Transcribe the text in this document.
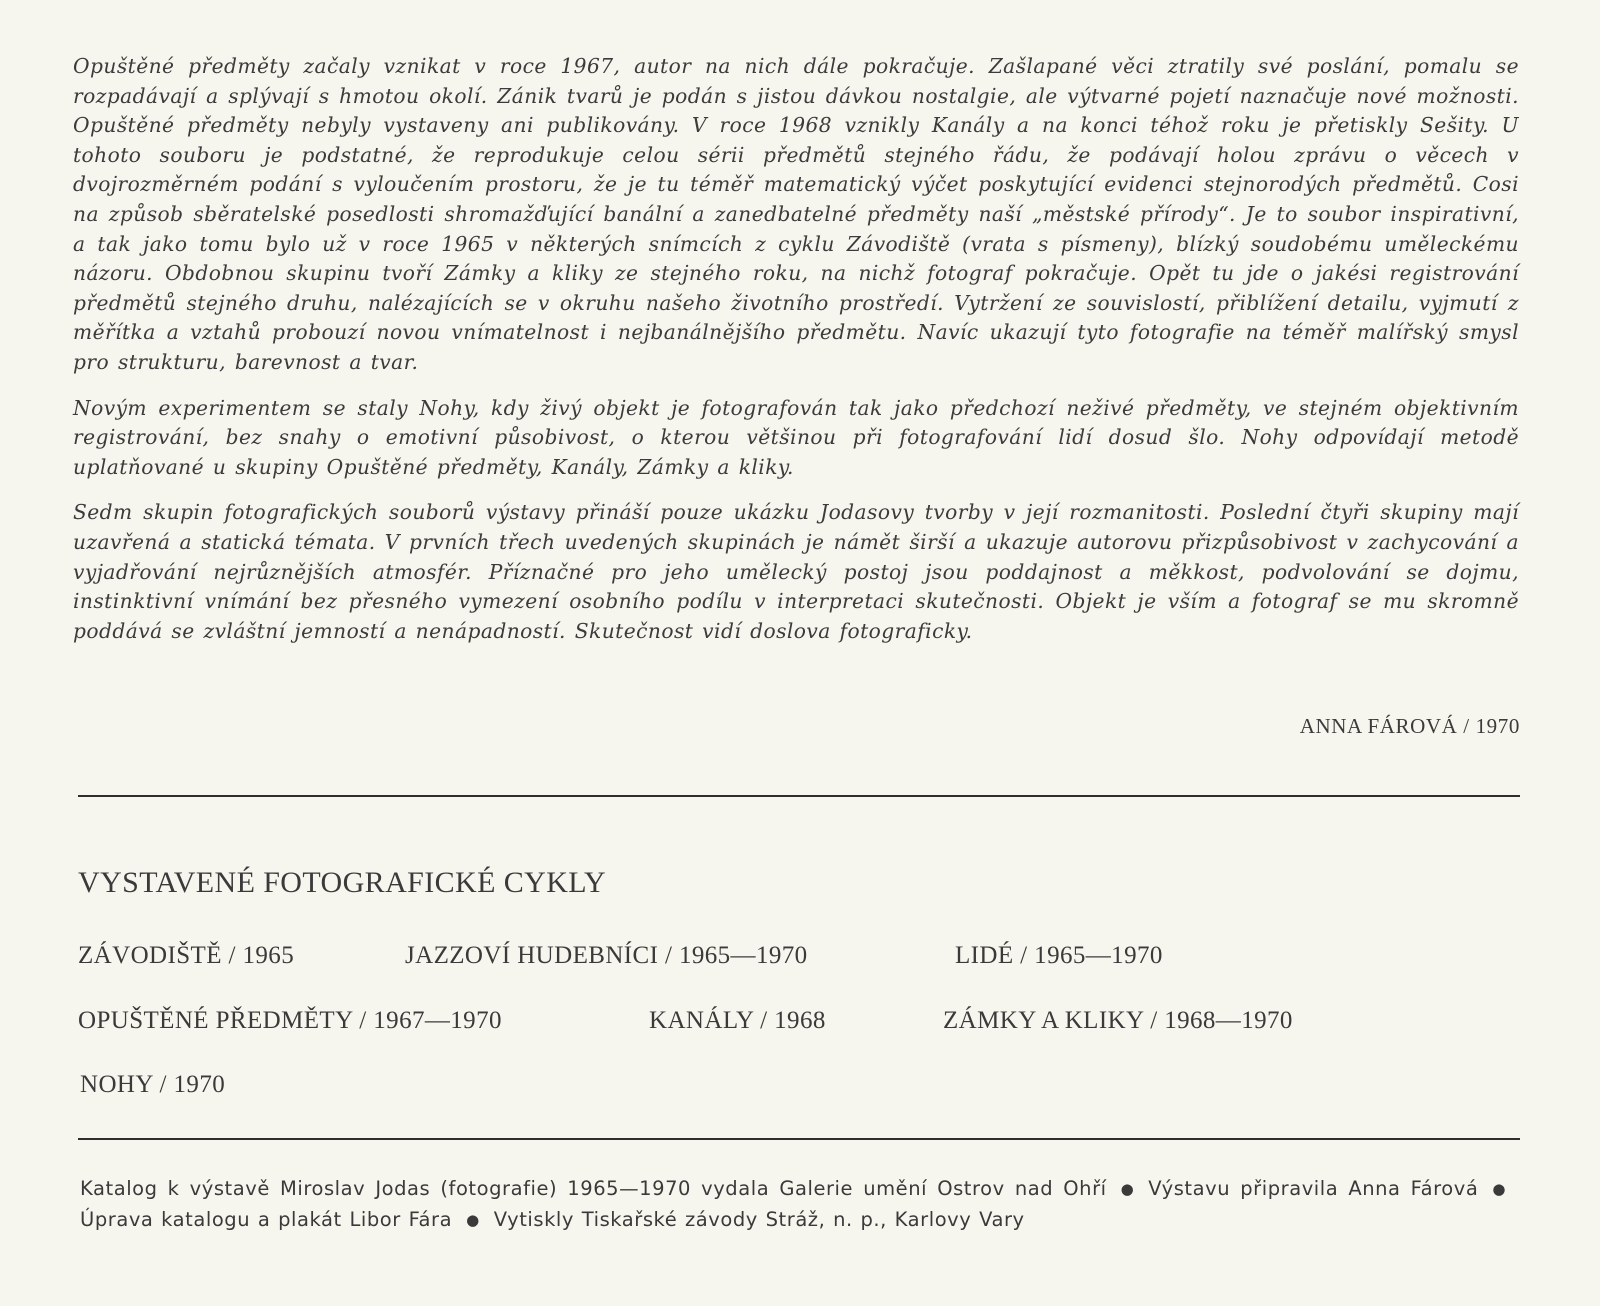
Opuštěné předměty začaly vznikat v roce 1967, autor na nich dále pokračuje. Zašlapané věci ztratily své poslání, pomalu se rozpadávají a splývají s hmotou okolí. Zánik tvarů je podán s jistou dávkou nostalgie, ale výtvarné pojetí naznačuje nové možnosti. Opuštěné předměty nebyly vystaveny ani publikovány. V roce 1968 vznikly Kanály a na konci téhož roku je přetiskly Sešity. U tohoto souboru je podstatné, že reprodukuje celou sérii předmětů stejného řádu, že podávají holou zprávu o věcech v dvojrozměrném podání s vyloučením prostoru, že je tu téměř matematický výčet poskytující evidenci stejnorodých předmětů. Cosi na způsob sběratelské posedlosti shromažďující banální a zanedbatelné předměty naší „městské přírody“. Je to soubor inspirativní, a tak jako tomu bylo už v roce 1965 v některých snímcích z cyklu Závodiště (vrata s písmeny), blízký soudobému uměleckému názoru. Obdobnou skupinu tvoří Zámky a kliky ze stejného roku, na nichž fotograf pokračuje. Opět tu jde o jakési registrování předmětů stejného druhu, nalézajících se v okruhu našeho životního prostředí. Vytržení ze souvislostí, přiblížení detailu, vyjmutí z měřítka a vztahů probouzí novou vnímatelnost i nejbanálnějšího předmětu. Navíc ukazují tyto fotografie na téměř malířský smysl pro strukturu, barevnost a tvar.

Novým experimentem se staly Nohy, kdy živý objekt je fotografován tak jako předchozí neživé předměty, ve stejném objektivním registrování, bez snahy o emotivní působivost, o kterou většinou při fotografování lidí dosud šlo. Nohy odpovídají metodě uplatňované u skupiny Opuštěné předměty, Kanály, Zámky a kliky.

Sedm skupin fotografických souborů výstavy přináší pouze ukázku Jodasovy tvorby v její rozmanitosti. Poslední čtyři skupiny mají uzavřená a statická témata. V prvních třech uvedených skupinách je námět širší a ukazuje autorovu přizpůsobivost v zachycování a vyjadřování nejrůznějších atmosfér. Příznačné pro jeho umělecký postoj jsou poddajnost a měkkost, podvolování se dojmu, instinktivní vnímání bez přesného vymezení osobního podílu v interpretaci skutečnosti. Objekt je vším a fotograf se mu skromně poddává se zvláštní jemností a nenápadností. Skutečnost vidí doslova fotograficky.

ANNA FÁROVÁ / 1970
VYSTAVENÉ FOTOGRAFICKÉ CYKLY
ZÁVODIŠTĚ / 1965	JAZZOVÍ HUDEBNÍCI / 1965—1970	LIDÉ / 1965—1970
OPUŠTĚNÉ PŘEDMĚTY / 1967—1970	KANÁLY / 1968	ZÁMKY A KLIKY / 1968—1970
NOHY / 1970
Katalog k výstavě Miroslav Jodas (fotografie) 1965—1970 vydala Galerie umění Ostrov nad Ohří ● Výstavu připravila Anna Fárová ●Úprava katalogu a plakát Libor Fára ● Vytiskly Tiskařské závody Stráž, n. p., Karlovy Vary
